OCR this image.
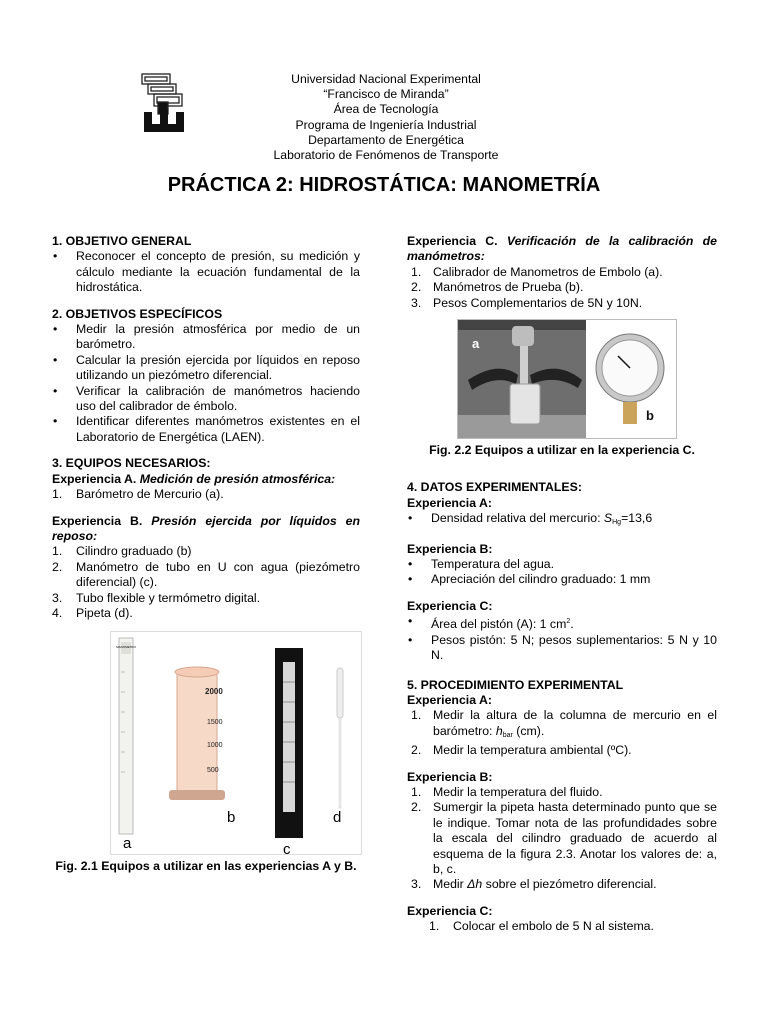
Universidad Nacional Experimental
“Francisco de Miranda”
Área de Tecnología
Programa de Ingeniería Industrial
Departamento de Energética
Laboratorio de Fenómenos de Transporte
PRÁCTICA 2: HIDROSTÁTICA: MANOMETRÍA
1. OBJETIVO GENERAL
• Reconocer el concepto de presión, su medición y cálculo mediante la ecuación fundamental de la hidrostática.
2. OBJETIVOS ESPECÍFICOS
• Medir la presión atmosférica por medio de un barómetro.
• Calcular la presión ejercida por líquidos en reposo utilizando un piezómetro diferencial.
• Verificar la calibración de manómetros haciendo uso del calibrador de émbolo.
• Identificar diferentes manómetros existentes en el Laboratorio de Energética (LAEN).
3. EQUIPOS NECESARIOS:
Experiencia A. Medición de presión atmosférica:
1. Barómetro de Mercurio (a).
Experiencia B. Presión ejercida por líquidos en reposo:
1. Cilindro graduado (b)
2. Manómetro de tubo en U con agua (piezómetro diferencial) (c).
3. Tubo flexible y termómetro digital.
4. Pipeta (d).
MANOMETRO
2000
1500
1000
500
a
b
c
d
Fig. 2.1 Equipos a utilizar en las experiencias A y B.
Experiencia C. Verificación de la calibración de manómetros:
1. Calibrador de Manometros de Embolo (a).
2. Manómetros de Prueba (b).
3. Pesos Complementarios de 5N y 10N.
a
b
Fig. 2.2 Equipos a utilizar en la experiencia C.
4. DATOS EXPERIMENTALES:
Experiencia A:
• Densidad relativa del mercurio: $S_{Hg}=13,6$
Experiencia B:
• Temperatura del agua.
• Apreciación del cilindro graduado: 1 mm
Experiencia C:
• Área del pistón (A): 1 $cm^2$.
• Pesos pistón: 5 N; pesos suplementarios: 5 N y 10 N.
5. PROCEDIMIENTO EXPERIMENTAL
Experiencia A:
1. Medir la altura de la columna de mercurio en el barómetro: $h_{bar}$ (cm).
2. Medir la temperatura ambiental (ºC).
Experiencia B:
1. Medir la temperatura del fluido.
2. Sumergir la pipeta hasta determinado punto que se le indique. Tomar nota de las profundidades sobre la escala del cilindro graduado de acuerdo al esquema de la figura 2.3. Anotar los valores de: a, b, c.
3. Medir Δh sobre el piezómetro diferencial.
Experiencia C:
1. Colocar el embolo de 5 N al sistema.
